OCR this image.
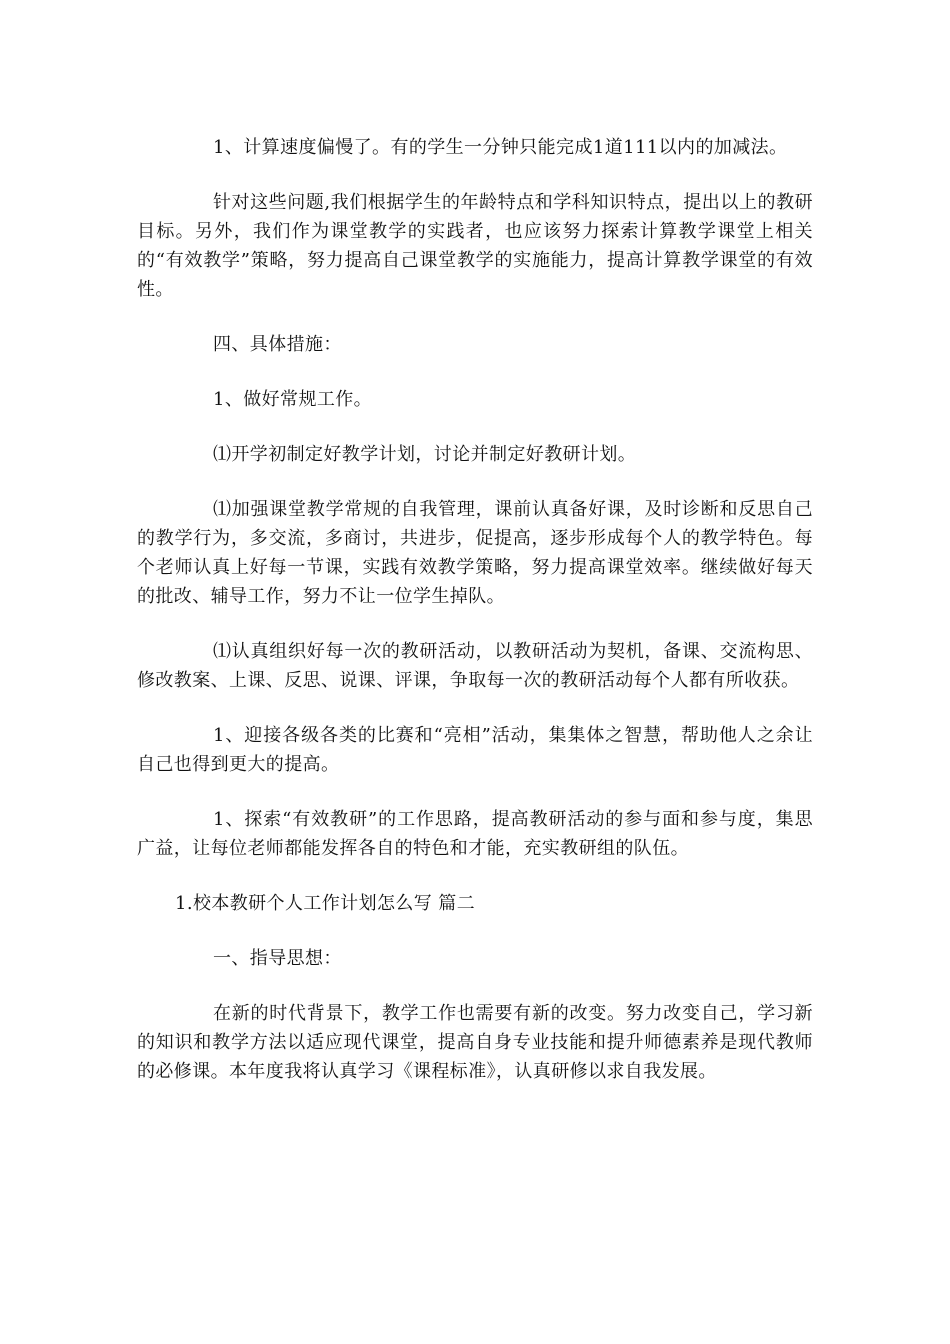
1、计算速度偏慢了。有的学生一分钟只能完成1道111以内的加减法。

针对这些问题,我们根据学生的年龄特点和学科知识特点，提出以上的教研目标。另外，我们作为课堂教学的实践者，也应该努力探索计算教学课堂上相关的“有效教学”策略，努力提高自己课堂教学的实施能力，提高计算教学课堂的有效性。

四、具体措施：

1、做好常规工作。

⑴开学初制定好教学计划，讨论并制定好教研计划。

⑴加强课堂教学常规的自我管理，课前认真备好课，及时诊断和反思自己的教学行为，多交流，多商讨，共进步，促提高，逐步形成每个人的教学特色。每个老师认真上好每一节课，实践有效教学策略，努力提高课堂效率。继续做好每天的批改、辅导工作，努力不让一位学生掉队。

⑴认真组织好每一次的教研活动，以教研活动为契机，备课、交流构思、修改教案、上课、反思、说课、评课，争取每一次的教研活动每个人都有所收获。

1、迎接各级各类的比赛和“亮相”活动，集集体之智慧，帮助他人之余让自己也得到更大的提高。

1、探索“有效教研”的工作思路，提高教研活动的参与面和参与度，集思广益，让每位老师都能发挥各自的特色和才能，充实教研组的队伍。

1.校本教研个人工作计划怎么写 篇二

一、指导思想：

在新的时代背景下，教学工作也需要有新的改变。努力改变自己，学习新的知识和教学方法以适应现代课堂，提高自身专业技能和提升师德素养是现代教师的必修课。本年度我将认真学习《课程标准》，认真研修以求自我发展。
